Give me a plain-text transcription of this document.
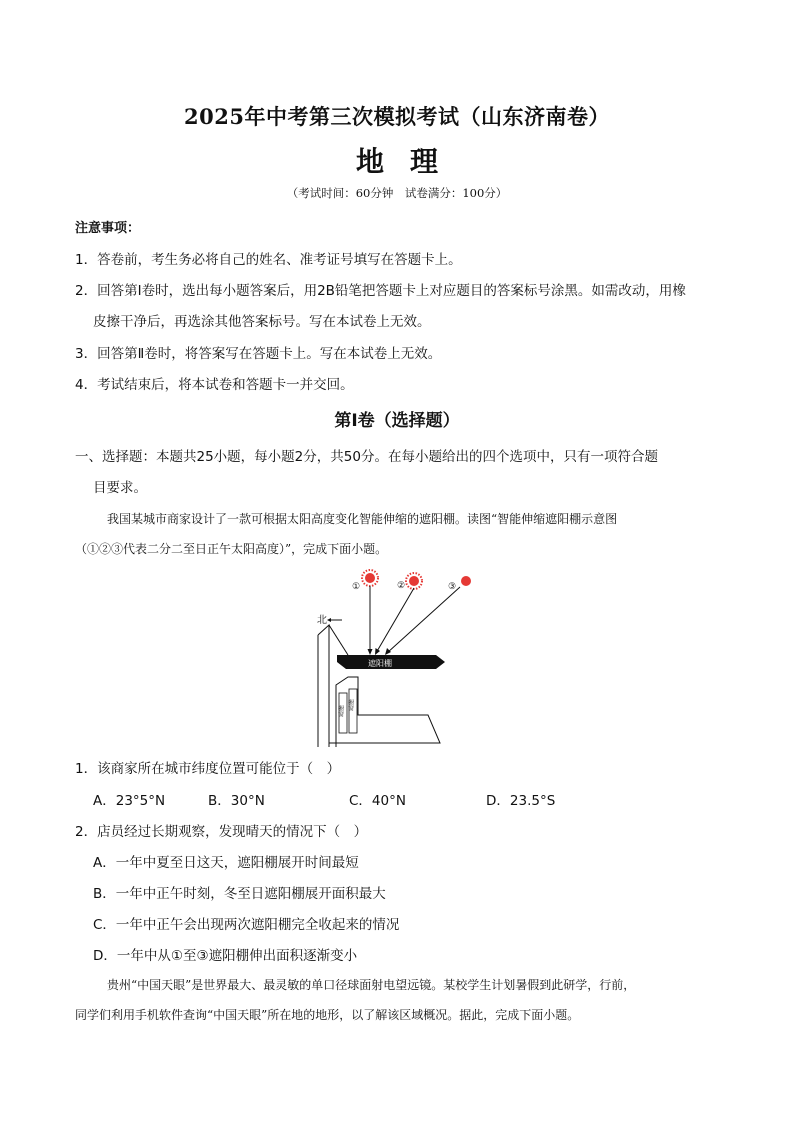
2025年中考第三次模拟考试（山东济南卷）
地理
（考试时间：60分钟　试卷满分：100分）
注意事项：
1．答卷前，考生务必将自己的姓名、准考证号填写在答题卡上。
2．回答第Ⅰ卷时，选出每小题答案后，用2B铅笔把答题卡上对应题目的答案标号涂黑。如需改动，用橡
皮擦干净后，再选涂其他答案标号。写在本试卷上无效。
3．回答第Ⅱ卷时，将答案写在答题卡上。写在本试卷上无效。
4．考试结束后，将本试卷和答题卡一并交回。
第Ⅰ卷（选择题）
一、选择题：本题共25小题，每小题2分，共50分。在每小题给出的四个选项中，只有一项符合题
目要求。
我国某城市商家设计了一款可根据太阳高度变化智能伸缩的遮阳棚。读图“智能伸缩遮阳棚示意图
（①②③代表二分二至日正午太阳高度）”，完成下面小题。
①	②	③
北
遮阳棚
橱窗 橱窗
1．该商家所在城市纬度位置可能位于（　）
A．23°5°N	B．30°N	C．40°N	D．23.5°S
2．店员经过长期观察，发现晴天的情况下（　）
A．一年中夏至日这天，遮阳棚展开时间最短
B．一年中正午时刻，冬至日遮阳棚展开面积最大
C．一年中正午会出现两次遮阳棚完全收起来的情况
D．一年中从①至③遮阳棚伸出面积逐渐变小
贵州“中国天眼”是世界最大、最灵敏的单口径球面射电望远镜。某校学生计划暑假到此研学，行前，
同学们利用手机软件查询“中国天眼”所在地的地形，以了解该区域概况。据此，完成下面小题。
